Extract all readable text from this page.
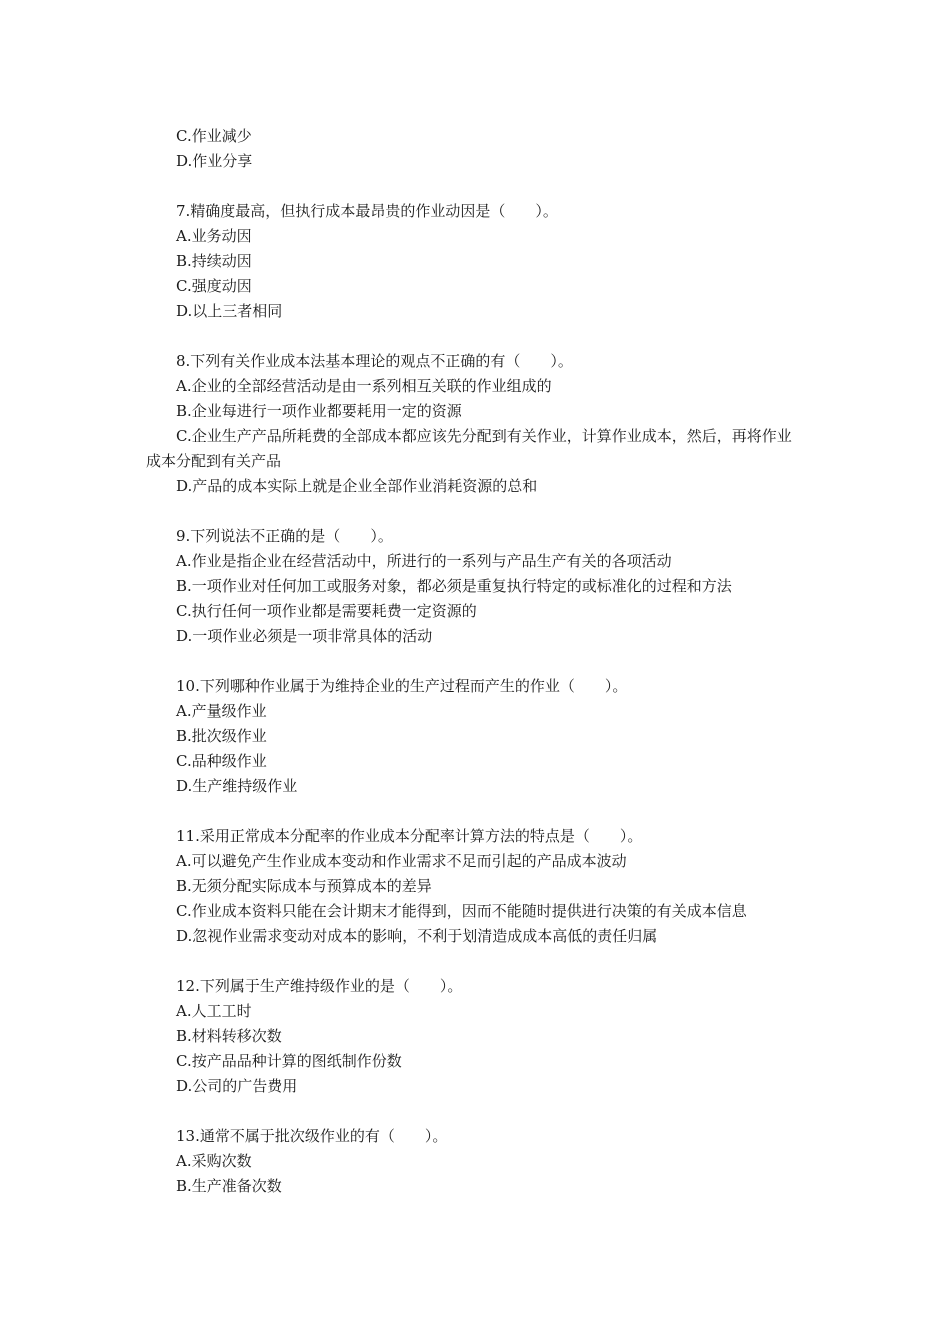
C.作业减少
D.作业分享
7.精确度最高，但执行成本最昂贵的作业动因是（　　）。
A.业务动因
B.持续动因
C.强度动因
D.以上三者相同
8.下列有关作业成本法基本理论的观点不正确的有（　　）。
A.企业的全部经营活动是由一系列相互关联的作业组成的
B.企业每进行一项作业都要耗用一定的资源
C.企业生产产品所耗费的全部成本都应该先分配到有关作业，计算作业成本，然后，再将作业成本分配到有关产品
D.产品的成本实际上就是企业全部作业消耗资源的总和
9.下列说法不正确的是（　　）。
A.作业是指企业在经营活动中，所进行的一系列与产品生产有关的各项活动
B.一项作业对任何加工或服务对象，都必须是重复执行特定的或标准化的过程和方法
C.执行任何一项作业都是需要耗费一定资源的
D.一项作业必须是一项非常具体的活动
10.下列哪种作业属于为维持企业的生产过程而产生的作业（　　）。
A.产量级作业
B.批次级作业
C.品种级作业
D.生产维持级作业
11.采用正常成本分配率的作业成本分配率计算方法的特点是（　　）。
A.可以避免产生作业成本变动和作业需求不足而引起的产品成本波动
B.无须分配实际成本与预算成本的差异
C.作业成本资料只能在会计期末才能得到，因而不能随时提供进行决策的有关成本信息
D.忽视作业需求变动对成本的影响，不利于划清造成成本高低的责任归属
12.下列属于生产维持级作业的是（　　）。
A.人工工时
B.材料转移次数
C.按产品品种计算的图纸制作份数
D.公司的广告费用
13.通常不属于批次级作业的有（　　）。
A.采购次数
B.生产准备次数
